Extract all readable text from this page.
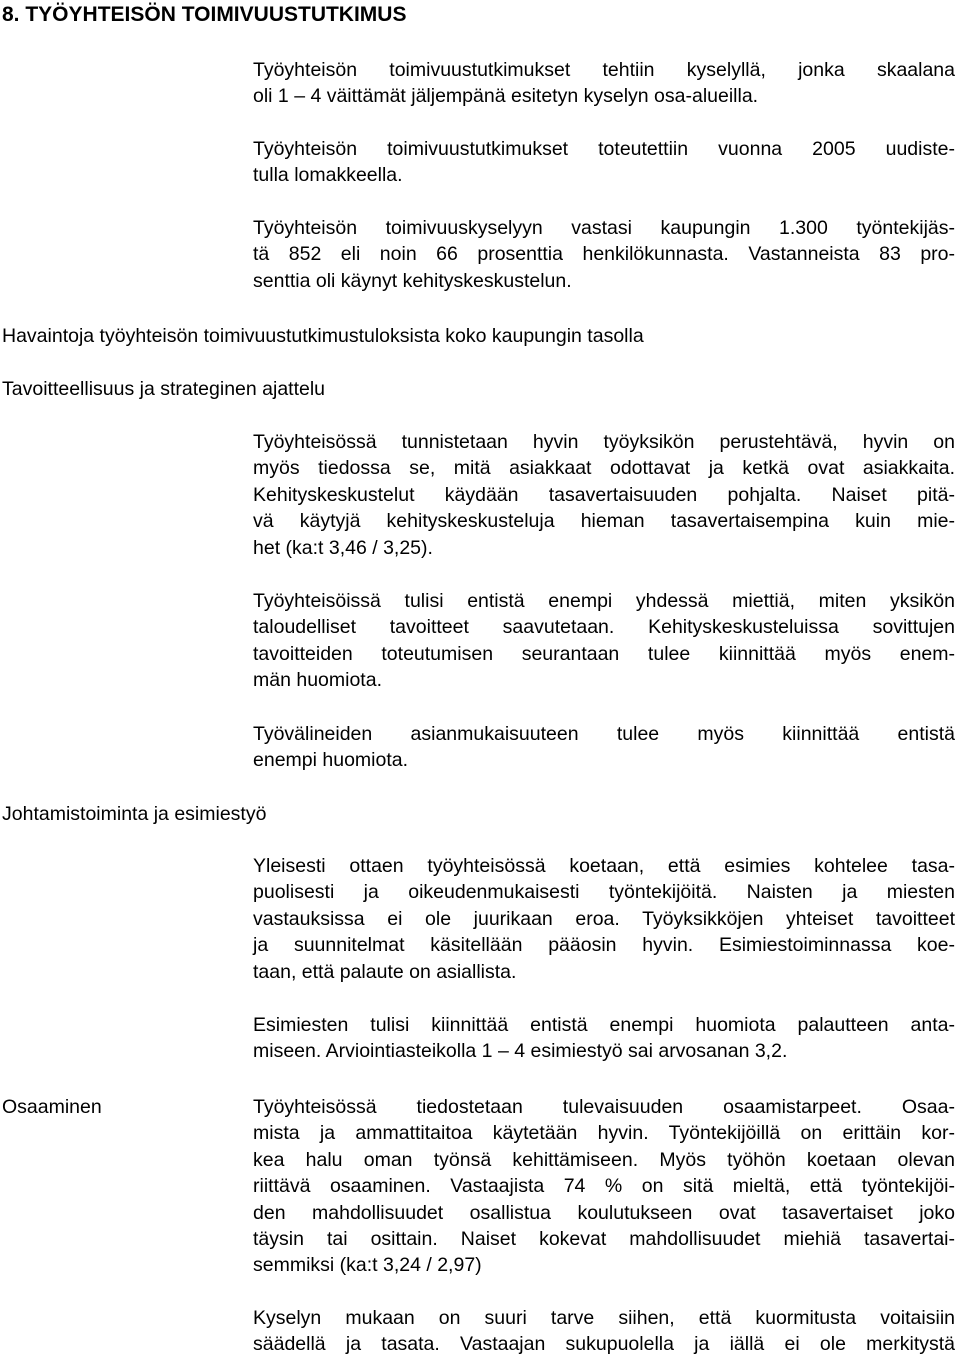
8. TYÖYHTEISÖN TOIMIVUUSTUTKIMUS
Työyhteisön toimivuustutkimukset tehtiin kyselyllä, jonka skaalana
oli 1 – 4 väittämät jäljempänä esitetyn kyselyn osa-alueilla.
Työyhteisön toimivuustutkimukset toteutettiin vuonna 2005 uudiste-
tulla lomakkeella.
Työyhteisön toimivuuskyselyyn vastasi kaupungin 1.300 työntekijäs-
tä 852 eli noin 66 prosenttia henkilökunnasta. Vastanneista 83 pro-
senttia oli käynyt kehityskeskustelun.
Havaintoja työyhteisön toimivuustutkimustuloksista koko kaupungin tasolla
Tavoitteellisuus ja strateginen ajattelu
Työyhteisössä tunnistetaan hyvin työyksikön perustehtävä, hyvin on
myös tiedossa se, mitä asiakkaat odottavat ja ketkä ovat asiakkaita.
Kehityskeskustelut käydään tasavertaisuuden pohjalta. Naiset pitä-
vä käytyjä kehityskeskusteluja hieman tasavertaisempina kuin mie-
het (ka:t 3,46 / 3,25).
Työyhteisöissä tulisi entistä enempi yhdessä miettiä, miten yksikön
taloudelliset tavoitteet saavutetaan. Kehityskeskusteluissa sovittujen
tavoitteiden toteutumisen seurantaan tulee kiinnittää myös enem-
män huomiota.
Työvälineiden asianmukaisuuteen tulee myös kiinnittää entistä
enempi huomiota.
Johtamistoiminta ja esimiestyö
Yleisesti ottaen työyhteisössä koetaan, että esimies kohtelee tasa-
puolisesti ja oikeudenmukaisesti työntekijöitä. Naisten ja miesten
vastauksissa ei ole juurikaan eroa. Työyksikköjen yhteiset tavoitteet
ja suunnitelmat käsitellään pääosin hyvin. Esimiestoiminnassa koe-
taan, että palaute on asiallista.
Esimiesten tulisi kiinnittää entistä enempi huomiota palautteen anta-
miseen. Arviointiasteikolla 1 – 4 esimiestyö sai arvosanan 3,2.
Osaaminen	Työyhteisössä tiedostetaan tulevaisuuden osaamistarpeet. Osaa-
mista ja ammattitaitoa käytetään hyvin. Työntekijöillä on erittäin kor-
kea halu oman työnsä kehittämiseen. Myös työhön koetaan olevan
riittävä osaaminen. Vastaajista 74 % on sitä mieltä, että työntekijöi-
den mahdollisuudet osallistua koulutukseen ovat tasavertaiset joko
täysin tai osittain. Naiset kokevat mahdollisuudet miehiä tasavertai-
semmiksi (ka:t 3,24 / 2,97)
Kyselyn mukaan on suuri tarve siihen, että kuormitusta voitaisiin
säädellä ja tasata. Vastaajan sukupuolella ja iällä ei ole merkitystä
